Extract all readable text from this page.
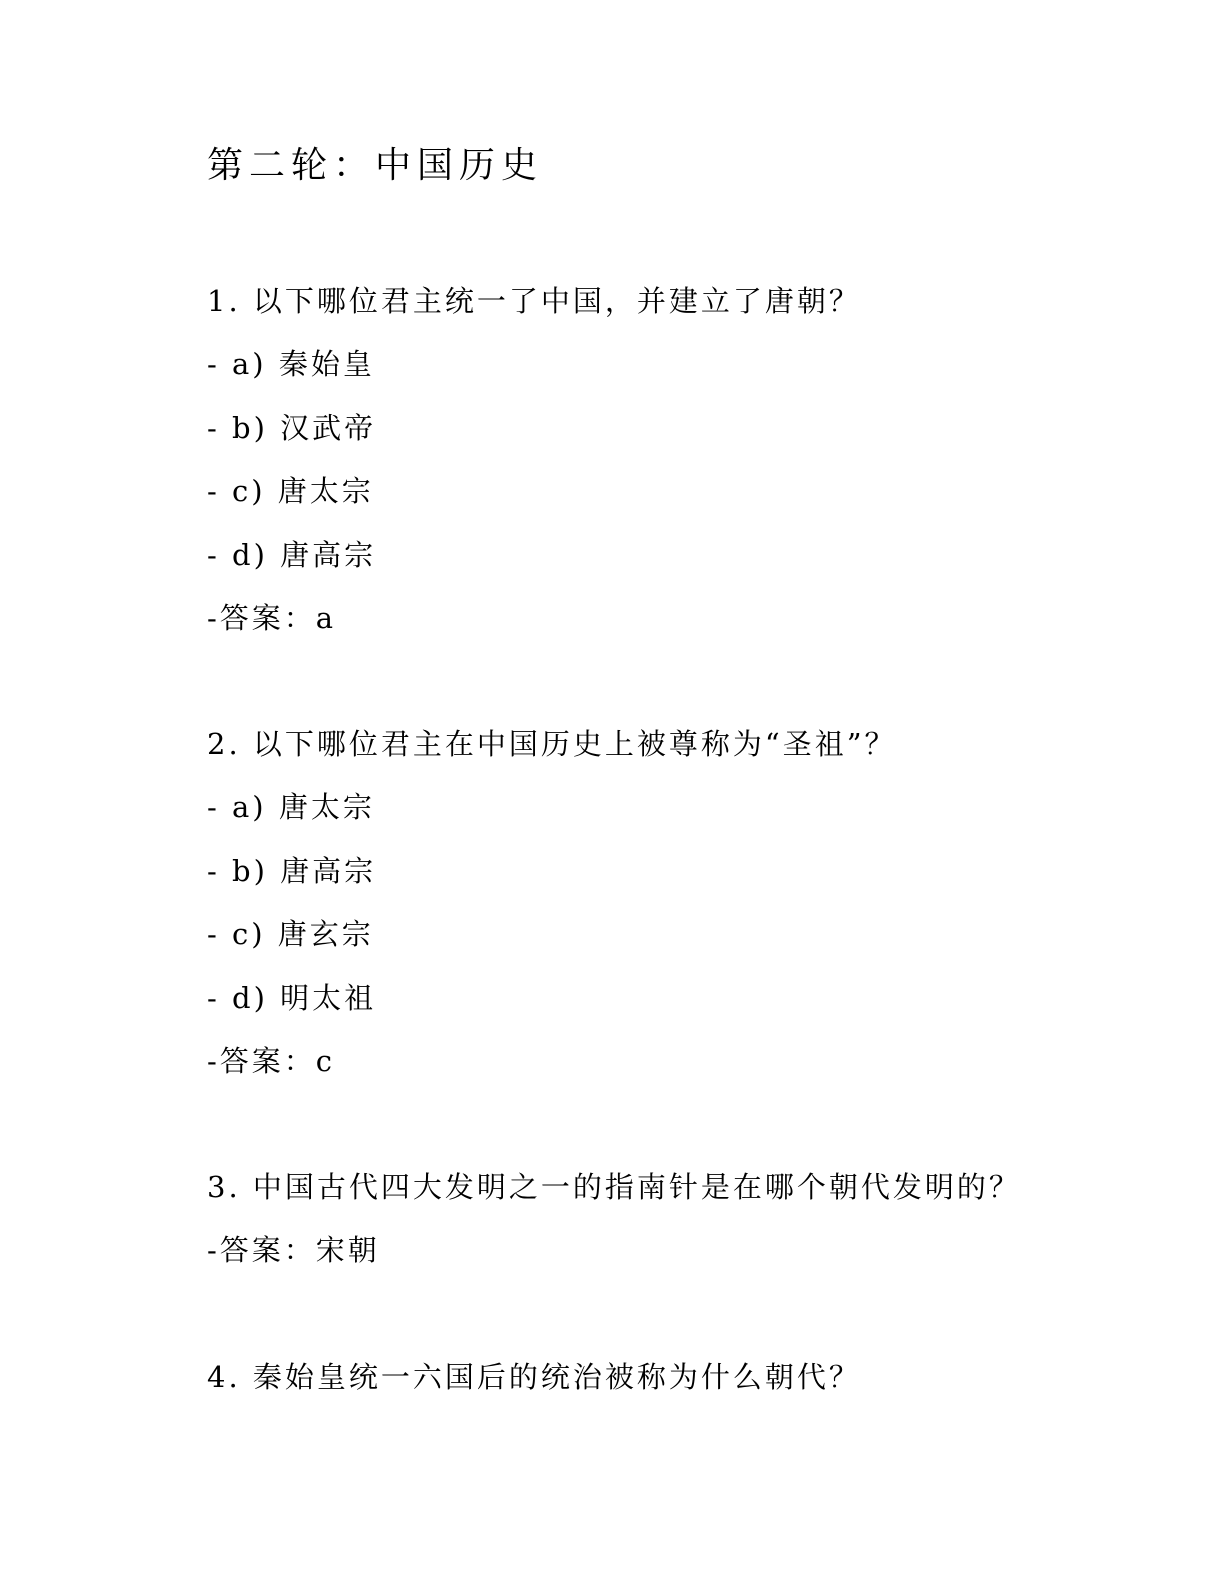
第二轮：中国历史
1. 以下哪位君主统一了中国，并建立了唐朝？
- a) 秦始皇
- b) 汉武帝
- c) 唐太宗
- d) 唐高宗
-答案：a
2. 以下哪位君主在中国历史上被尊称为“圣祖”？
- a) 唐太宗
- b) 唐高宗
- c) 唐玄宗
- d) 明太祖
-答案：c
3. 中国古代四大发明之一的指南针是在哪个朝代发明的？
-答案：宋朝
4. 秦始皇统一六国后的统治被称为什么朝代？
